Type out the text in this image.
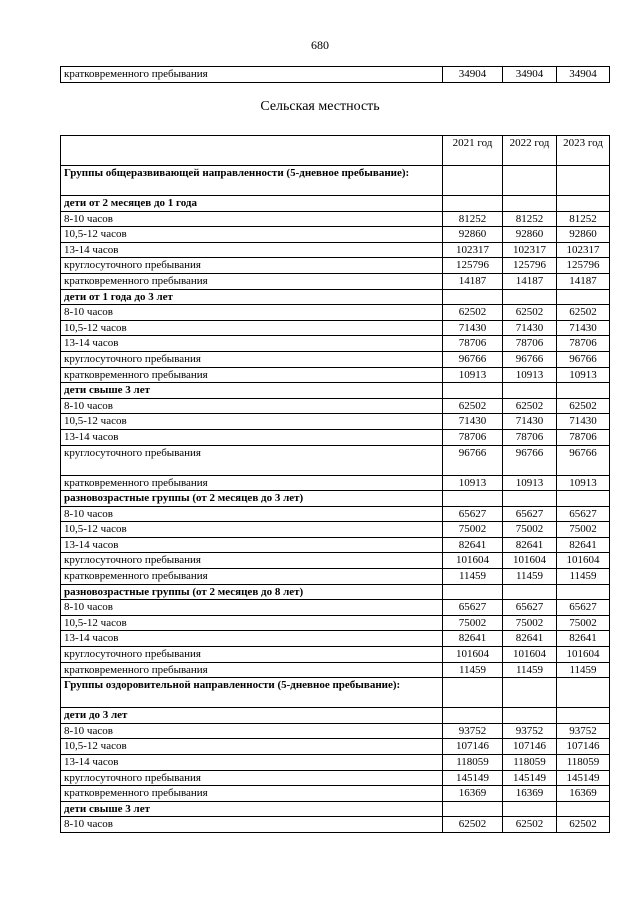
680
кратковременного пребывания	34904	34904	34904
Сельская местность
	2021 год	2022 год	2023 год
Группы общеразвивающей направленности (5-дневное пребывание):			
дети от 2 месяцев до 1 года			
8-10 часов	81252	81252	81252
10,5-12 часов	92860	92860	92860
13-14 часов	102317	102317	102317
круглосуточного пребывания	125796	125796	125796
кратковременного пребывания	14187	14187	14187
дети от 1 года до 3 лет			
8-10 часов	62502	62502	62502
10,5-12 часов	71430	71430	71430
13-14 часов	78706	78706	78706
круглосуточного пребывания	96766	96766	96766
кратковременного пребывания	10913	10913	10913
дети свыше 3 лет			
8-10 часов	62502	62502	62502
10,5-12 часов	71430	71430	71430
13-14 часов	78706	78706	78706
круглосуточного пребывания	96766	96766	96766
кратковременного пребывания	10913	10913	10913
разновозрастные группы (от 2 месяцев до 3 лет)			
8-10 часов	65627	65627	65627
10,5-12 часов	75002	75002	75002
13-14 часов	82641	82641	82641
круглосуточного пребывания	101604	101604	101604
кратковременного пребывания	11459	11459	11459
разновозрастные группы (от 2 месяцев до 8 лет)			
8-10 часов	65627	65627	65627
10,5-12 часов	75002	75002	75002
13-14 часов	82641	82641	82641
круглосуточного пребывания	101604	101604	101604
кратковременного пребывания	11459	11459	11459
Группы оздоровительной направленности (5-дневное пребывание):			
дети до 3 лет			
8-10 часов	93752	93752	93752
10,5-12 часов	107146	107146	107146
13-14 часов	118059	118059	118059
круглосуточного пребывания	145149	145149	145149
кратковременного пребывания	16369	16369	16369
дети свыше 3 лет			
8-10 часов	62502	62502	62502
